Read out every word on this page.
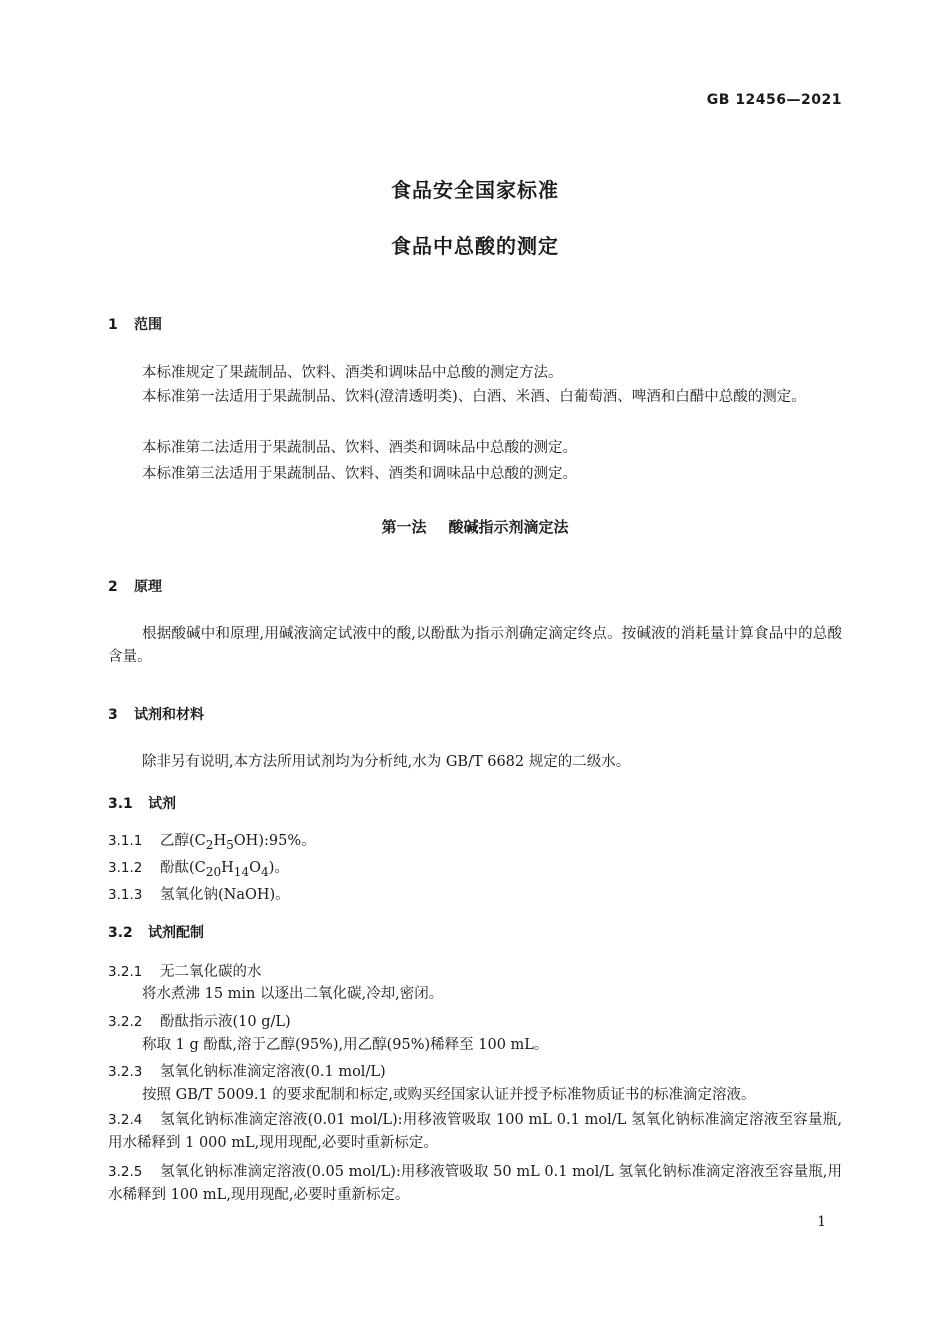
GB 12456—2021
食品安全国家标准
食品中总酸的测定
1 范围
本标准规定了果蔬制品、饮料、酒类和调味品中总酸的测定方法。
本标准第一法适用于果蔬制品、饮料(澄清透明类)、白酒、米酒、白葡萄酒、啤酒和白醋中总酸的测定。
本标准第二法适用于果蔬制品、饮料、酒类和调味品中总酸的测定。
本标准第三法适用于果蔬制品、饮料、酒类和调味品中总酸的测定。
第一法 酸碱指示剂滴定法
2 原理
根据酸碱中和原理,用碱液滴定试液中的酸,以酚酞为指示剂确定滴定终点。按碱液的消耗量计算食品中的总酸含量。
3 试剂和材料
除非另有说明,本方法所用试剂均为分析纯,水为 GB/T 6682 规定的二级水。
3.1 试剂
3.1.1 乙醇$(C_2H_5OH):95\%$。
3.1.2 酚酞$(C_{20}H_{14}O_4)$。
3.1.3 氢氧化钠(NaOH)。
3.2 试剂配制
3.2.1 无二氧化碳的水
将水煮沸 15 min 以逐出二氧化碳,冷却,密闭。
3.2.2 酚酞指示液(10 g/L)
称取 1 g 酚酞,溶于乙醇(95%),用乙醇(95%)稀释至 100 mL。
3.2.3 氢氧化钠标准滴定溶液(0.1 mol/L)
按照 GB/T 5009.1 的要求配制和标定,或购买经国家认证并授予标准物质证书的标准滴定溶液。
3.2.4 氢氧化钠标准滴定溶液(0.01 mol/L):用移液管吸取 100 mL 0.1 mol/L 氢氧化钠标准滴定溶液至容量瓶,用水稀释到 1 000 mL,现用现配,必要时重新标定。
3.2.5 氢氧化钠标准滴定溶液(0.05 mol/L):用移液管吸取 50 mL 0.1 mol/L 氢氧化钠标准滴定溶液至容量瓶,用水稀释到 100 mL,现用现配,必要时重新标定。
1
